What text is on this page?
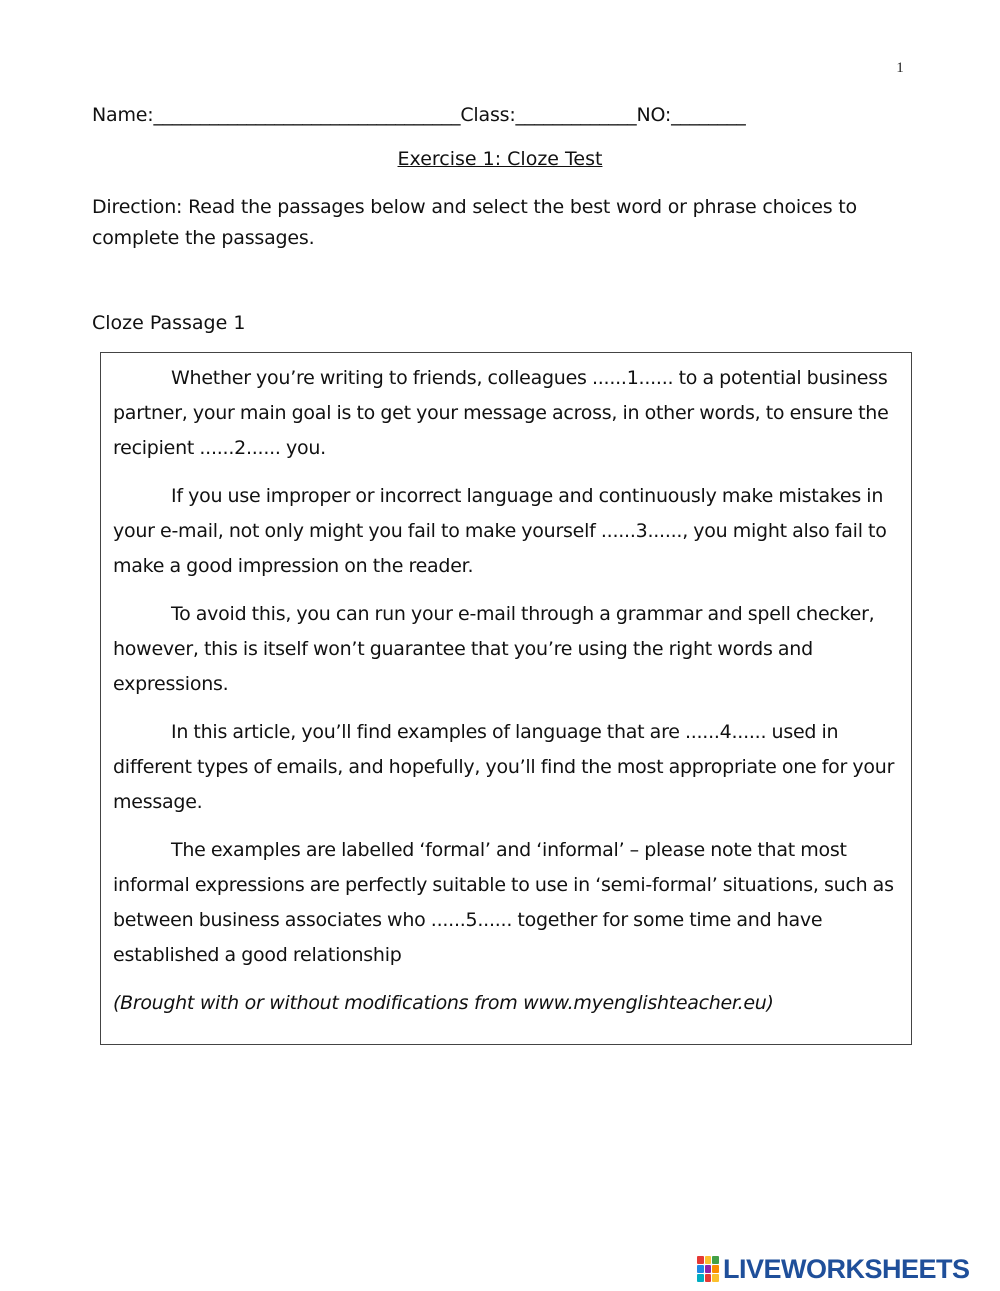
1
Name:_________________________________Class:_____________NO:________
Exercise 1: Cloze Test
Direction: Read the passages below and select the best word or phrase choices to complete the passages.
Cloze Passage 1

Whether you’re writing to friends, colleagues ......1...... to a potential business partner, your main goal is to get your message across, in other words, to ensure the recipient ......2...... you.

If you use improper or incorrect language and continuously make mistakes in your e-mail, not only might you fail to make yourself ......3......, you might also fail to make a good impression on the reader.

To avoid this, you can run your e-mail through a grammar and spell checker, however, this is itself won’t guarantee that you’re using the right words and expressions.

In this article, you’ll find examples of language that are ......4...... used in different types of emails, and hopefully, you’ll find the most appropriate one for your message.

The examples are labelled ‘formal’ and ‘informal’ – please note that most informal expressions are perfectly suitable to use in ‘semi-formal’ situations, such as between business associates who ......5...... together for some time and have established a good relationship

(Brought with or without modifications from www.myenglishteacher.eu)

LIVEWORKSHEETS
